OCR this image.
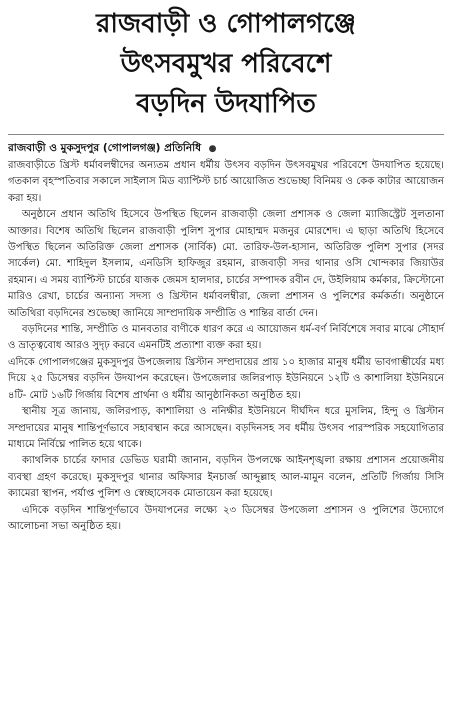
রাজবাড়ী ও গোপালগঞ্জে
উৎসবমুখর পরিবেশে
বড়দিন উদযাপিত
রাজবাড়ী ও মুকসুদপুর (গোপালগঞ্জ) প্রতিনিধি ●

রাজবাড়ীতে খ্রিস্ট ধর্মাবলম্বীদের অন্যতম প্রধান ধর্মীয় উৎসব বড়দিন উৎসবমুখর পরিবেশে উদযাপিত হয়েছে। গতকাল বৃহস্পতিবার সকালে সাইলাস মিড ব্যাপ্টিস্ট চার্চ আয়োজিত শুভেচ্ছা বিনিময় ও কেক কাটার আয়োজন করা হয়।

অনুষ্ঠানে প্রধান অতিথি হিসেবে উপস্থিত ছিলেন রাজবাড়ী জেলা প্রশাসক ও জেলা ম্যাজিস্ট্রেট সুলতানা আক্তার। বিশেষ অতিথি ছিলেন রাজবাড়ী পুলিশ সুপার মোহাম্মদ মজনুর মোরশেদ। এ ছাড়া অতিথি হিসেবে উপস্থিত ছিলেন অতিরিক্ত জেলা প্রশাসক (সার্বিক) মো. তারিফ-উল-হাসান, অতিরিক্ত পুলিশ সুপার (সদর সার্কেল) মো. শাহিদুল ইসলাম, এনডিসি হাফিজুর রহমান, রাজবাড়ী সদর থানার ওসি খোন্দকার জিয়াউর রহমান। এ সময় ব্যাপ্টিস্ট চার্চের যাজক জেমস হালদার, চার্চের সম্পাদক রবীন দে, উইলিয়াম কর্মকার, ক্রিস্টোনো মারিও রেখা, চার্চের অন্যান্য সদস্য ও খ্রিস্টান ধর্মাবলম্বীরা, জেলা প্রশাসন ও পুলিশের কর্মকর্তা। অনুষ্ঠানে অতিথিরা বড়দিনের শুভেচ্ছা জানিয়ে সাম্প্রদায়িক সম্প্রীতি ও শান্তির বার্তা দেন।

বড়দিনের শান্তি, সম্প্রীতি ও মানবতার বাণীকে ধারণ করে এ আয়োজন ধর্ম-বর্ণ নির্বিশেষে সবার মাঝে সৌহার্দ ও ভ্রাতৃত্ববোধ আরও সুদৃঢ় করবে এমনটিই প্রত্যাশা ব্যক্ত করা হয়।

এদিকে গোপালগঞ্জের মুকসুদপুর উপজেলায় খ্রিস্টান সম্প্রদায়ের প্রায় ১০ হাজার মানুষ ধর্মীয় ভাবগাম্ভীর্যের মধ্য দিয়ে ২৫ ডিসেম্বর বড়দিন উদযাপন করেছেন। উপজেলার জলিরপাড় ইউনিয়নে ১২টি ও কাশালিয়া ইউনিয়নে ৪টি- মোট ১৬টি গির্জায় বিশেষ প্রার্থনা ও ধর্মীয় আনুষ্ঠানিকতা অনুষ্ঠিত হয়।

স্থানীয় সূত্র জানায়, জলিরপাড়, কাশালিয়া ও ননিক্ষীর ইউনিয়নে দীর্ঘদিন ধরে মুসলিম, হিন্দু ও খ্রিস্টান সম্প্রদায়ের মানুষ শান্তিপূর্ণভাবে সহাবস্থান করে আসছেন। বড়দিনসহ সব ধর্মীয় উৎসব পারস্পরিক সহযোগিতার মাধ্যমে নির্বিঘ্নে পালিত হয়ে থাকে।

ক্যাথলিক চার্চের ফাদার ডেভিড ঘরামী জানান, বড়দিন উপলক্ষে আইনশৃঙ্খলা রক্ষায় প্রশাসন প্রয়োজনীয় ব্যবস্থা গ্রহণ করেছে। মুকসুদপুর থানার অফিসার ইনচার্জ আব্দুল্লাহ আল-মামুন বলেন, প্রতিটি গির্জায় সিসি ক্যামেরা স্থাপন, পর্যাপ্ত পুলিশ ও স্বেচ্ছাসেবক মোতায়েন করা হয়েছে।

এদিকে বড়দিন শান্তিপূর্ণভাবে উদযাপনের লক্ষ্যে ২৩ ডিসেম্বর উপজেলা প্রশাসন ও পুলিশের উদ্যোগে আলোচনা সভা অনুষ্ঠিত হয়।
